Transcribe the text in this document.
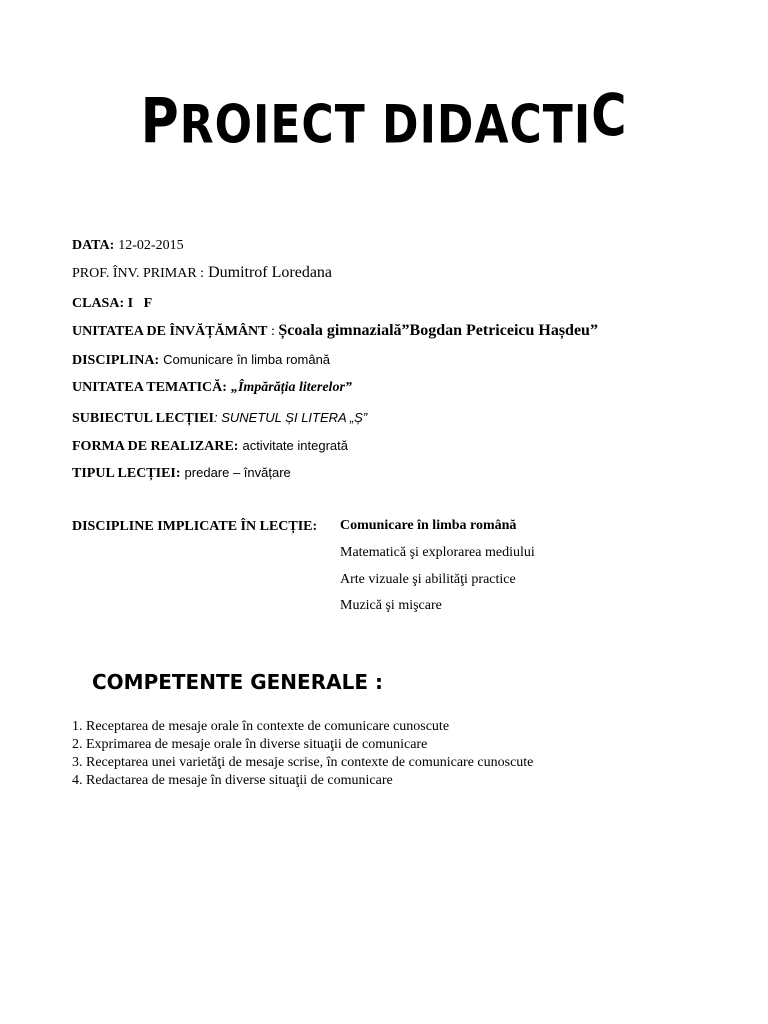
PROIECT DIDACTIC
DATA: 12-02-2015
PROF. ÎNV. PRIMAR : Dumitrof Loredana
CLASA: I   F
UNITATEA DE ÎNVĂȚĂMÂNT : Școala gimnazială”Bogdan Petriceicu Hașdeu”
DISCIPLINA: Comunicare în limba română
UNITATEA TEMATICĂ: „Împărăția literelor”
SUBIECTUL LECȚIEI: SUNETUL ȘI LITERA „Ș”
FORMA DE REALIZARE: activitate integrată
TIPUL LECȚIEI: predare – învățare
DISCIPLINE IMPLICATE ÎN LECȚIE: Comunicare în limba română
Matematică şi explorarea mediului
Arte vizuale şi abilităţi practice
Muzică şi mişcare
COMPETENTE GENERALE :
1. Receptarea de mesaje orale în contexte de comunicare cunoscute
2. Exprimarea de mesaje orale în diverse situaţii de comunicare
3. Receptarea unei varietăţi de mesaje scrise, în contexte de comunicare cunoscute
4. Redactarea de mesaje în diverse situaţii de comunicare
